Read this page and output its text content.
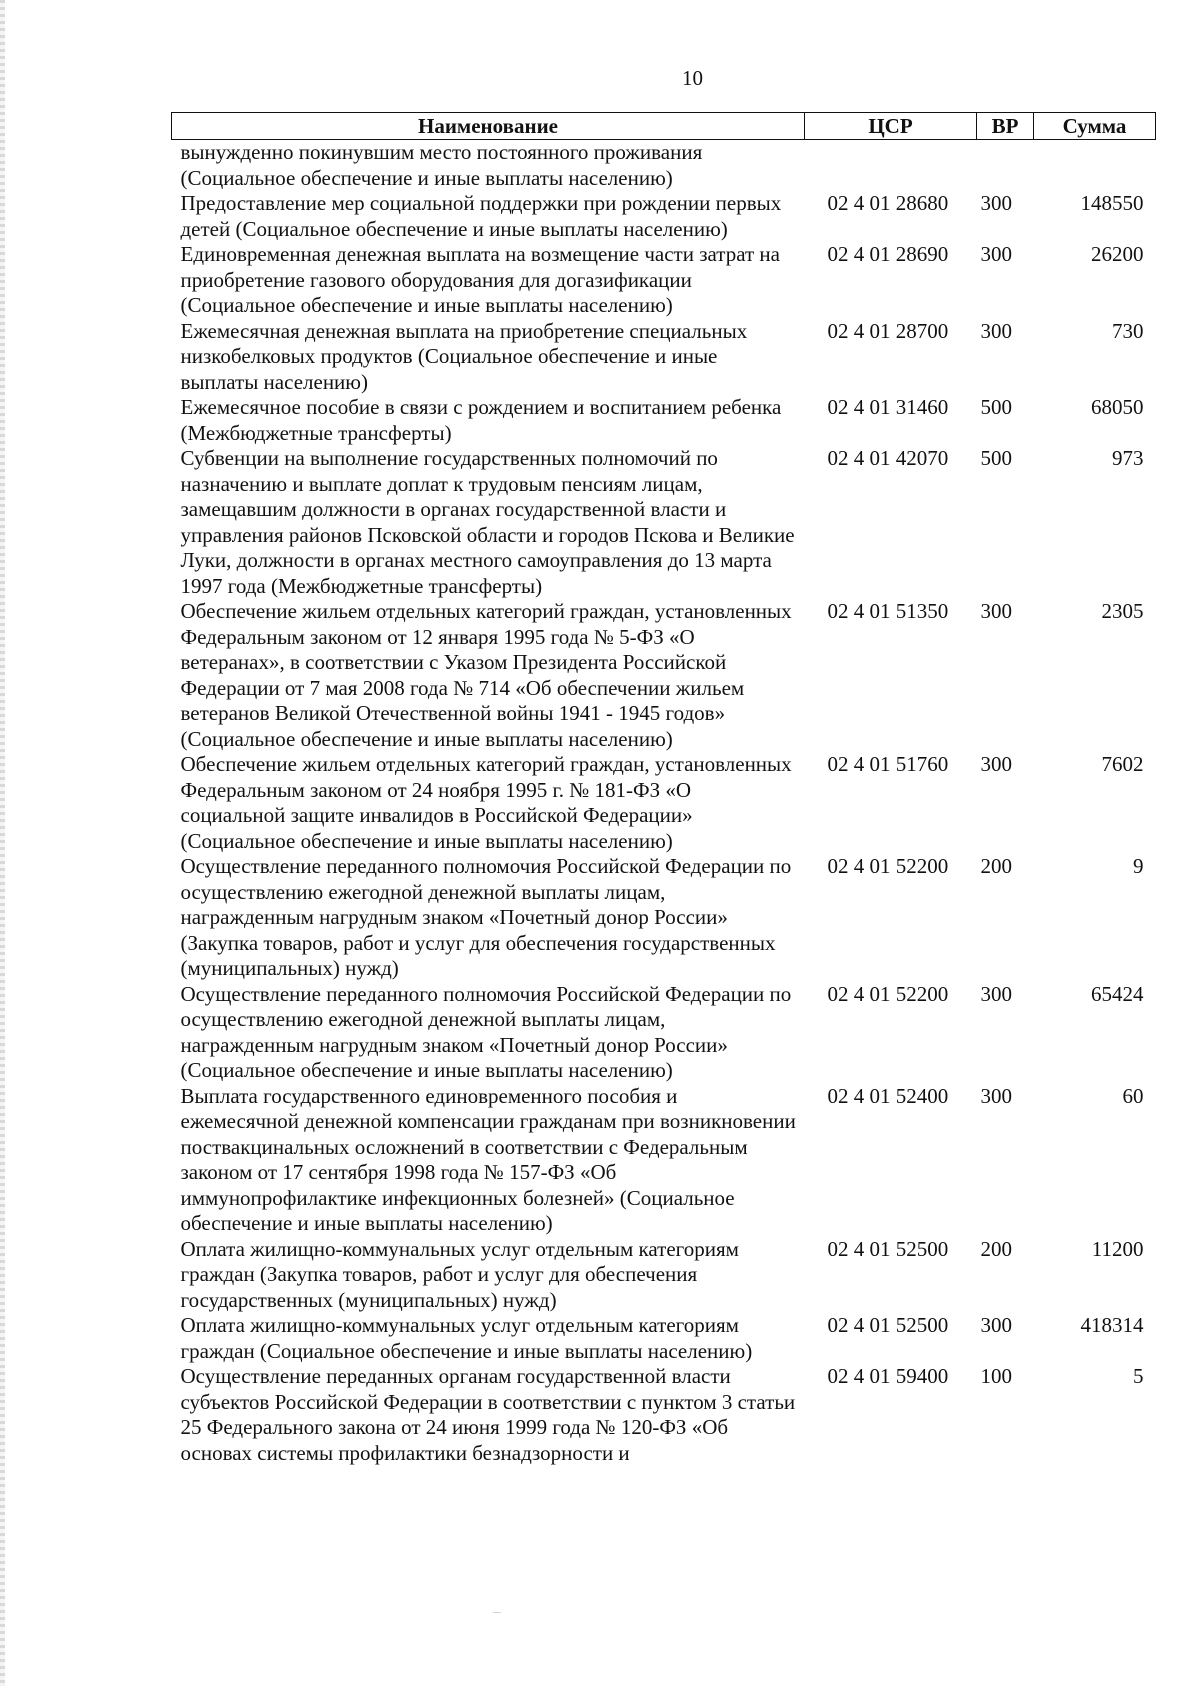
10
Наименование	ЦСР	ВР	Сумма
вынужденно покинувшим место постоянного проживания (Социальное обеспечение и иные выплаты населению)			
Предоставление мер социальной поддержки при рождении первых детей (Социальное обеспечение и иные выплаты населению)	02 4 01 28680	300	148550
Единовременная денежная выплата на возмещение части затрат на приобретение газового оборудования для догазификации (Социальное обеспечение и иные выплаты населению)	02 4 01 28690	300	26200
Ежемесячная денежная выплата на приобретение специальных низкобелковых продуктов (Социальное обеспечение и иные выплаты населению)	02 4 01 28700	300	730
Ежемесячное пособие в связи с рождением и воспитанием ребенка (Межбюджетные трансферты)	02 4 01 31460	500	68050
Субвенции на выполнение государственных полномочий по назначению и выплате доплат к трудовым пенсиям лицам, замещавшим должности в органах государственной власти и управления районов Псковской области и городов Пскова и Великие Луки, должности в органах местного самоуправления до 13 марта 1997 года (Межбюджетные трансферты)	02 4 01 42070	500	973
Обеспечение жильем отдельных категорий граждан, установленных Федеральным законом от 12 января 1995 года № 5-ФЗ «О ветеранах», в соответствии с Указом Президента Российской Федерации от 7 мая 2008 года № 714 «Об обеспечении жильем ветеранов Великой Отечественной войны 1941 - 1945 годов» (Социальное обеспечение и иные выплаты населению)	02 4 01 51350	300	2305
Обеспечение жильем отдельных категорий граждан, установленных Федеральным законом от 24 ноября 1995 г. № 181-ФЗ «О социальной защите инвалидов в Российской Федерации» (Социальное обеспечение и иные выплаты населению)	02 4 01 51760	300	7602
Осуществление переданного полномочия Российской Федерации по осуществлению ежегодной денежной выплаты лицам, награжденным нагрудным знаком «Почетный донор России» (Закупка товаров, работ и услуг для обеспечения государственных (муниципальных) нужд)	02 4 01 52200	200	9
Осуществление переданного полномочия Российской Федерации по осуществлению ежегодной денежной выплаты лицам, награжденным нагрудным знаком «Почетный донор России» (Социальное обеспечение и иные выплаты населению)	02 4 01 52200	300	65424
Выплата государственного единовременного пособия и ежемесячной денежной компенсации гражданам при возникновении поствакцинальных осложнений в соответствии с Федеральным законом от 17 сентября 1998 года № 157-ФЗ «Об иммунопрофилактике инфекционных болезней» (Социальное обеспечение и иные выплаты населению)	02 4 01 52400	300	60
Оплата жилищно-коммунальных услуг отдельным категориям граждан (Закупка товаров, работ и услуг для обеспечения государственных (муниципальных) нужд)	02 4 01 52500	200	11200
Оплата жилищно-коммунальных услуг отдельным категориям граждан (Социальное обеспечение и иные выплаты населению)	02 4 01 52500	300	418314
Осуществление переданных органам государственной власти субъектов Российской Федерации в соответствии с пунктом 3 статьи 25 Федерального закона от 24 июня 1999 года № 120-ФЗ «Об основах системы профилактики безнадзорности и	02 4 01 59400	100	5
